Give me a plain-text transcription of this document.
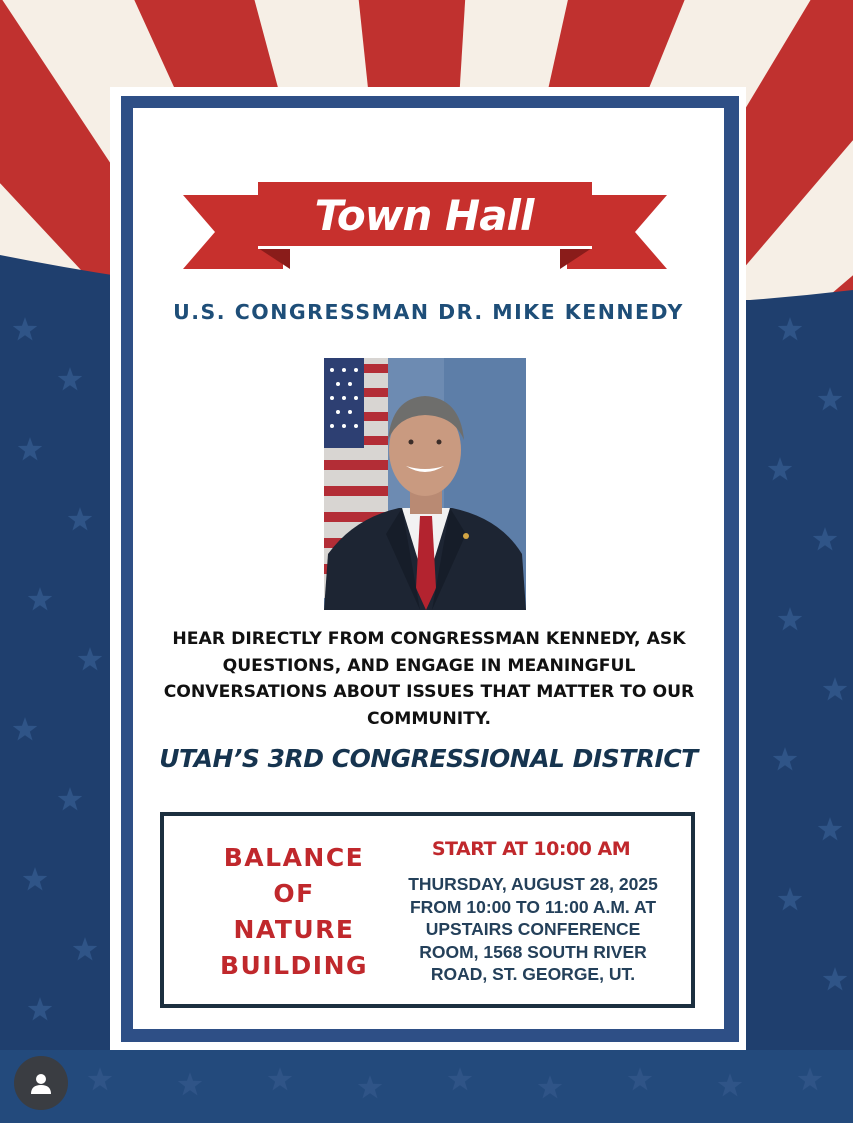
Town Hall
U.S. CONGRESSMAN DR. MIKE KENNEDY
HEAR DIRECTLY FROM CONGRESSMAN KENNEDY, ASK QUESTIONS, AND ENGAGE IN MEANINGFUL CONVERSATIONS ABOUT ISSUES THAT MATTER TO OUR COMMUNITY.
UTAH’S 3RD CONGRESSIONAL DISTRICT
BALANCE
OF
NATURE
BUILDING
START AT 10:00 AM
THURSDAY, AUGUST 28, 2025
FROM 10:00 TO 11:00 A.M. AT
UPSTAIRS CONFERENCE
ROOM, 1568 SOUTH RIVER
ROAD, ST. GEORGE, UT.
